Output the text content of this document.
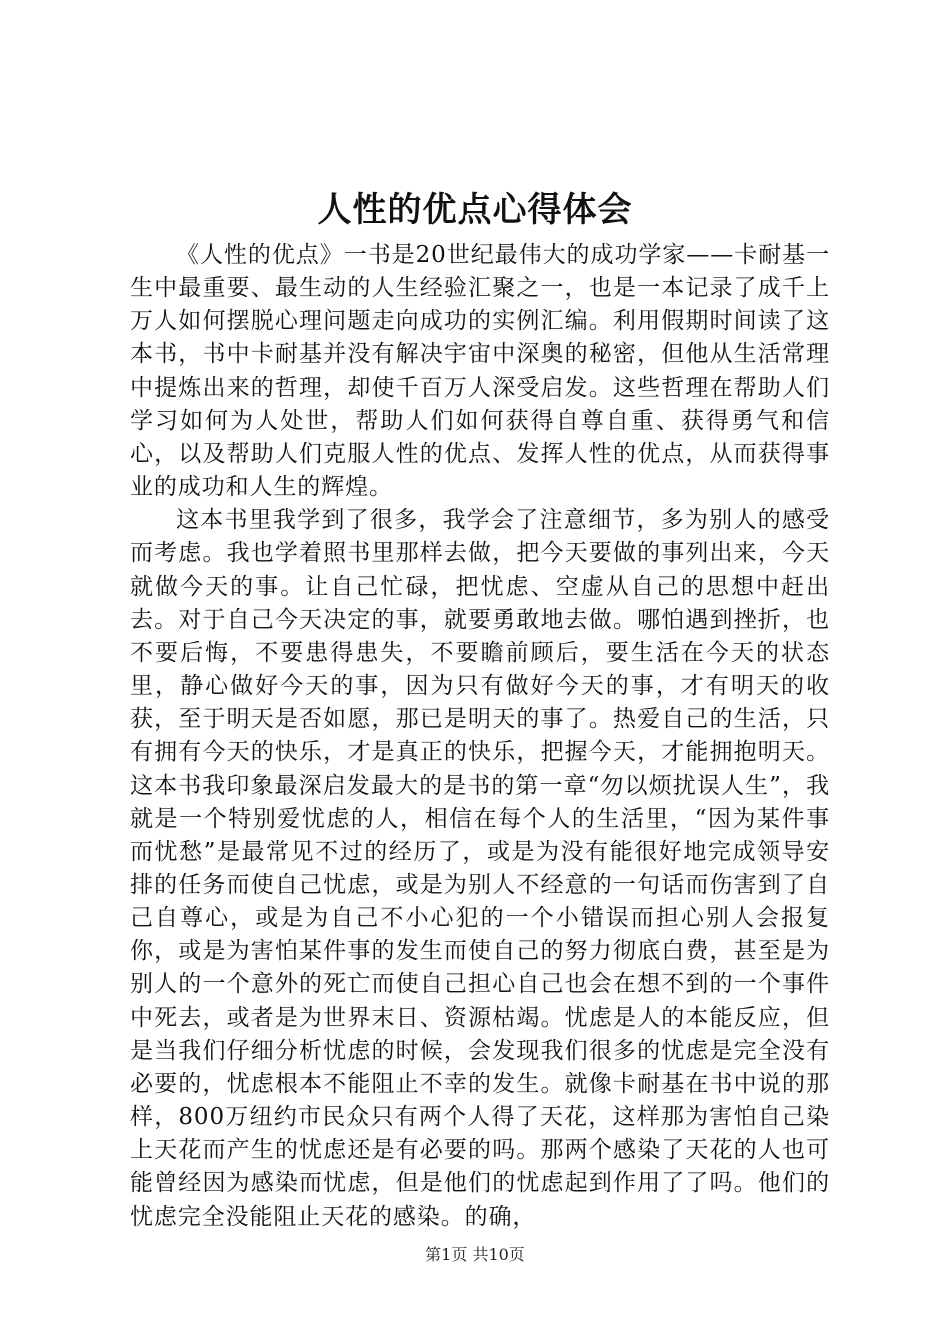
人性的优点心得体会

《人性的优点》一书是20世纪最伟大的成功学家——卡耐基一生中最重要、最生动的人生经验汇聚之一，也是一本记录了成千上万人如何摆脱心理问题走向成功的实例汇编。利用假期时间读了这本书，书中卡耐基并没有解决宇宙中深奥的秘密，但他从生活常理中提炼出来的哲理，却使千百万人深受启发。这些哲理在帮助人们学习如何为人处世，帮助人们如何获得自尊自重、获得勇气和信心，以及帮助人们克服人性的优点、发挥人性的优点，从而获得事业的成功和人生的辉煌。

这本书里我学到了很多，我学会了注意细节，多为别人的感受而考虑。我也学着照书里那样去做，把今天要做的事列出来，今天就做今天的事。让自己忙碌，把忧虑、空虚从自己的思想中赶出去。对于自己今天决定的事，就要勇敢地去做。哪怕遇到挫折，也不要后悔，不要患得患失，不要瞻前顾后，要生活在今天的状态里，静心做好今天的事，因为只有做好今天的事，才有明天的收获，至于明天是否如愿，那已是明天的事了。热爱自己的生活，只有拥有今天的快乐，才是真正的快乐，把握今天，才能拥抱明天。这本书我印象最深启发最大的是书的第一章“勿以烦扰误人生”，我就是一个特别爱忧虑的人，相信在每个人的生活里，“因为某件事而忧愁”是最常见不过的经历了，或是为没有能很好地完成领导安排的任务而使自己忧虑，或是为别人不经意的一句话而伤害到了自己自尊心，或是为自己不小心犯的一个小错误而担心别人会报复你，或是为害怕某件事的发生而使自己的努力彻底白费，甚至是为别人的一个意外的死亡而使自己担心自己也会在想不到的一个事件中死去，或者是为世界末日、资源枯竭。忧虑是人的本能反应，但是当我们仔细分析忧虑的时候，会发现我们很多的忧虑是完全没有必要的，忧虑根本不能阻止不幸的发生。就像卡耐基在书中说的那样，800万纽约市民众只有两个人得了天花，这样那为害怕自己染上天花而产生的忧虑还是有必要的吗。那两个感染了天花的人也可能曾经因为感染而忧虑，但是他们的忧虑起到作用了了吗。他们的忧虑完全没能阻止天花的感染。的确，

第1页 共10页
